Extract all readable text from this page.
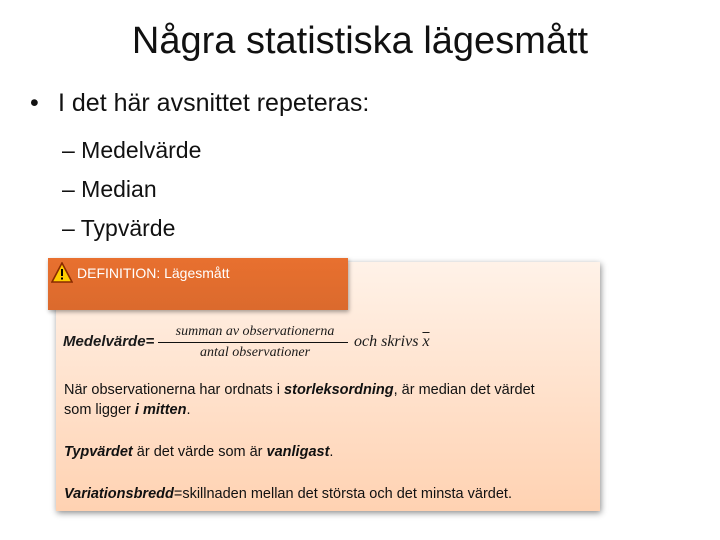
Några statistiska lägesmått
• I det här avsnittet repeteras:
– Medelvärde
– Median
– Typvärde
DEFINITION: Lägesmått
Medelvärde=
summan av observationerna
antal observationer
och skrivs $\overline{x}$
När observationerna har ordnats i storleksordning, är median det värdet
som ligger i mitten.
Typvärdet är det värde som är vanligast.
Variationsbredd=skillnaden mellan det största och det minsta värdet.
